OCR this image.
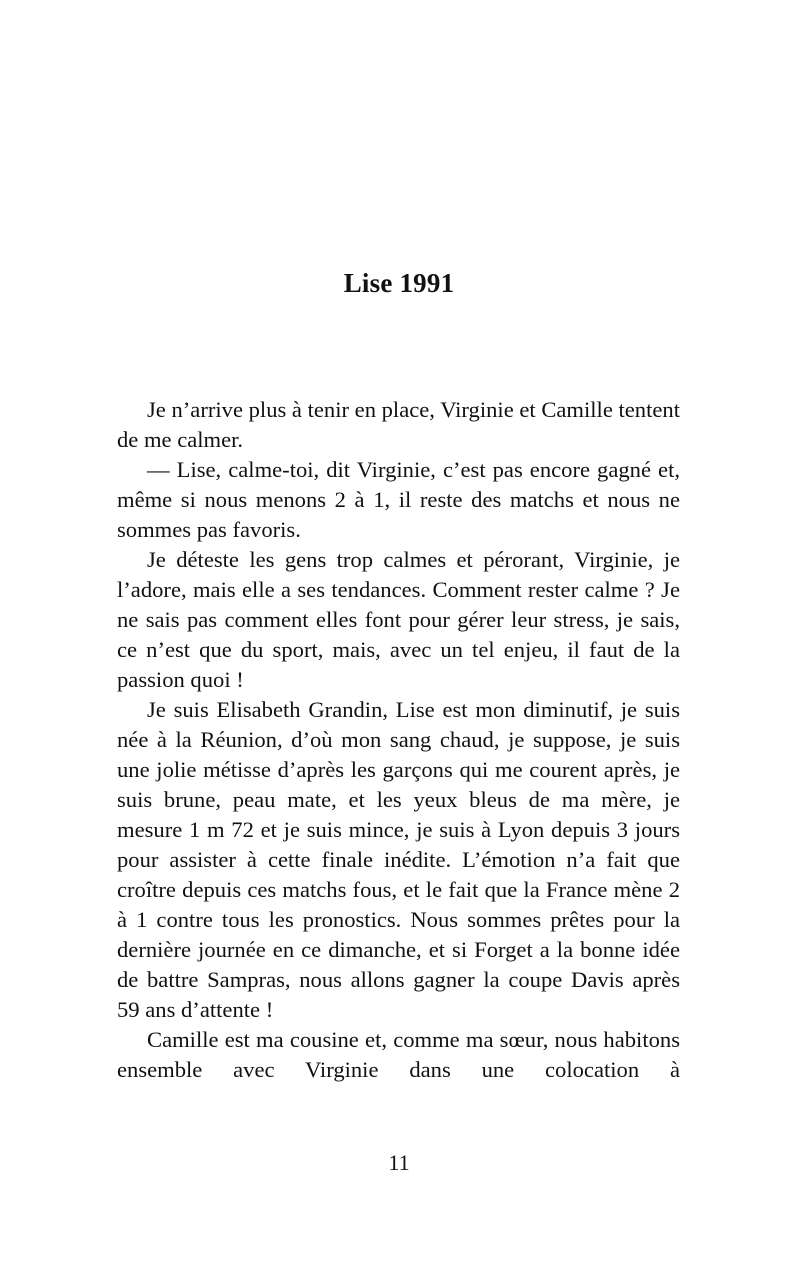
Lise 1991

Je n’arrive plus à tenir en place, Virginie et Camille tentent de me calmer.

— Lise, calme-toi, dit Virginie, c’est pas encore gagné et, même si nous menons 2 à 1, il reste des matchs et nous ne sommes pas favoris.

Je déteste les gens trop calmes et pérorant, Virginie, je l’adore, mais elle a ses tendances. Comment rester calme ? Je ne sais pas comment elles font pour gérer leur stress, je sais, ce n’est que du sport, mais, avec un tel enjeu, il faut de la passion quoi !

Je suis Elisabeth Grandin, Lise est mon diminutif, je suis née à la Réunion, d’où mon sang chaud, je suppose, je suis une jolie métisse d’après les garçons qui me courent après, je suis brune, peau mate, et les yeux bleus de ma mère, je mesure 1 m 72 et je suis mince, je suis à Lyon depuis 3 jours pour assister à cette finale inédite. L’émotion n’a fait que croître depuis ces matchs fous, et le fait que la France mène 2 à 1 contre tous les pronostics. Nous sommes prêtes pour la dernière journée en ce dimanche, et si Forget a la bonne idée de battre Sampras, nous allons gagner la coupe Davis après 59 ans d’attente !

Camille est ma cousine et, comme ma sœur, nous habitons ensemble avec Virginie dans une colocation à

11
